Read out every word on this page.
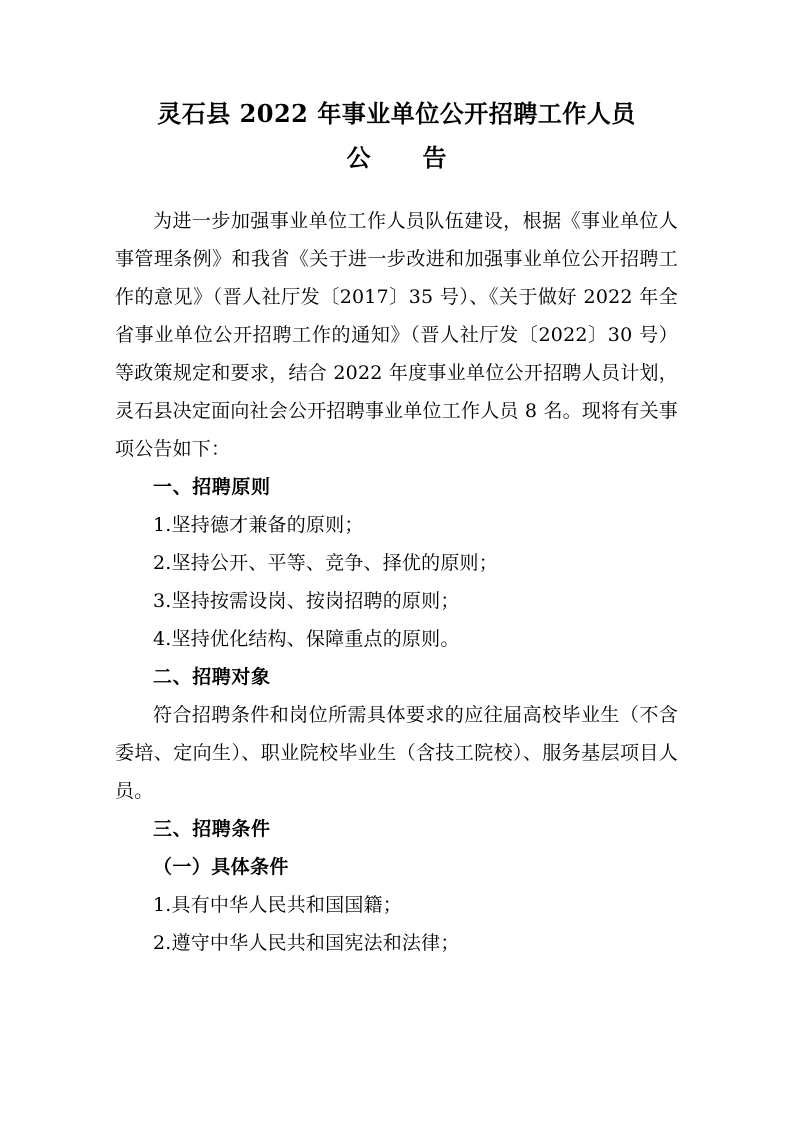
灵石县 2022 年事业单位公开招聘工作人员
公　告

为进一步加强事业单位工作人员队伍建设，根据《事业单位人事管理条例》和我省《关于进一步改进和加强事业单位公开招聘工作的意见》（晋人社厅发〔2017〕35 号）、《关于做好 2022 年全省事业单位公开招聘工作的通知》（晋人社厅发〔2022〕30 号）等政策规定和要求，结合 2022 年度事业单位公开招聘人员计划，灵石县决定面向社会公开招聘事业单位工作人员 8 名。现将有关事项公告如下：

一、招聘原则

1.坚持德才兼备的原则；

2.坚持公开、平等、竞争、择优的原则；

3.坚持按需设岗、按岗招聘的原则；

4.坚持优化结构、保障重点的原则。

二、招聘对象

符合招聘条件和岗位所需具体要求的应往届高校毕业生（不含委培、定向生）、职业院校毕业生（含技工院校）、服务基层项目人员。

三、招聘条件
（一）具体条件

1.具有中华人民共和国国籍；

2.遵守中华人民共和国宪法和法律；
